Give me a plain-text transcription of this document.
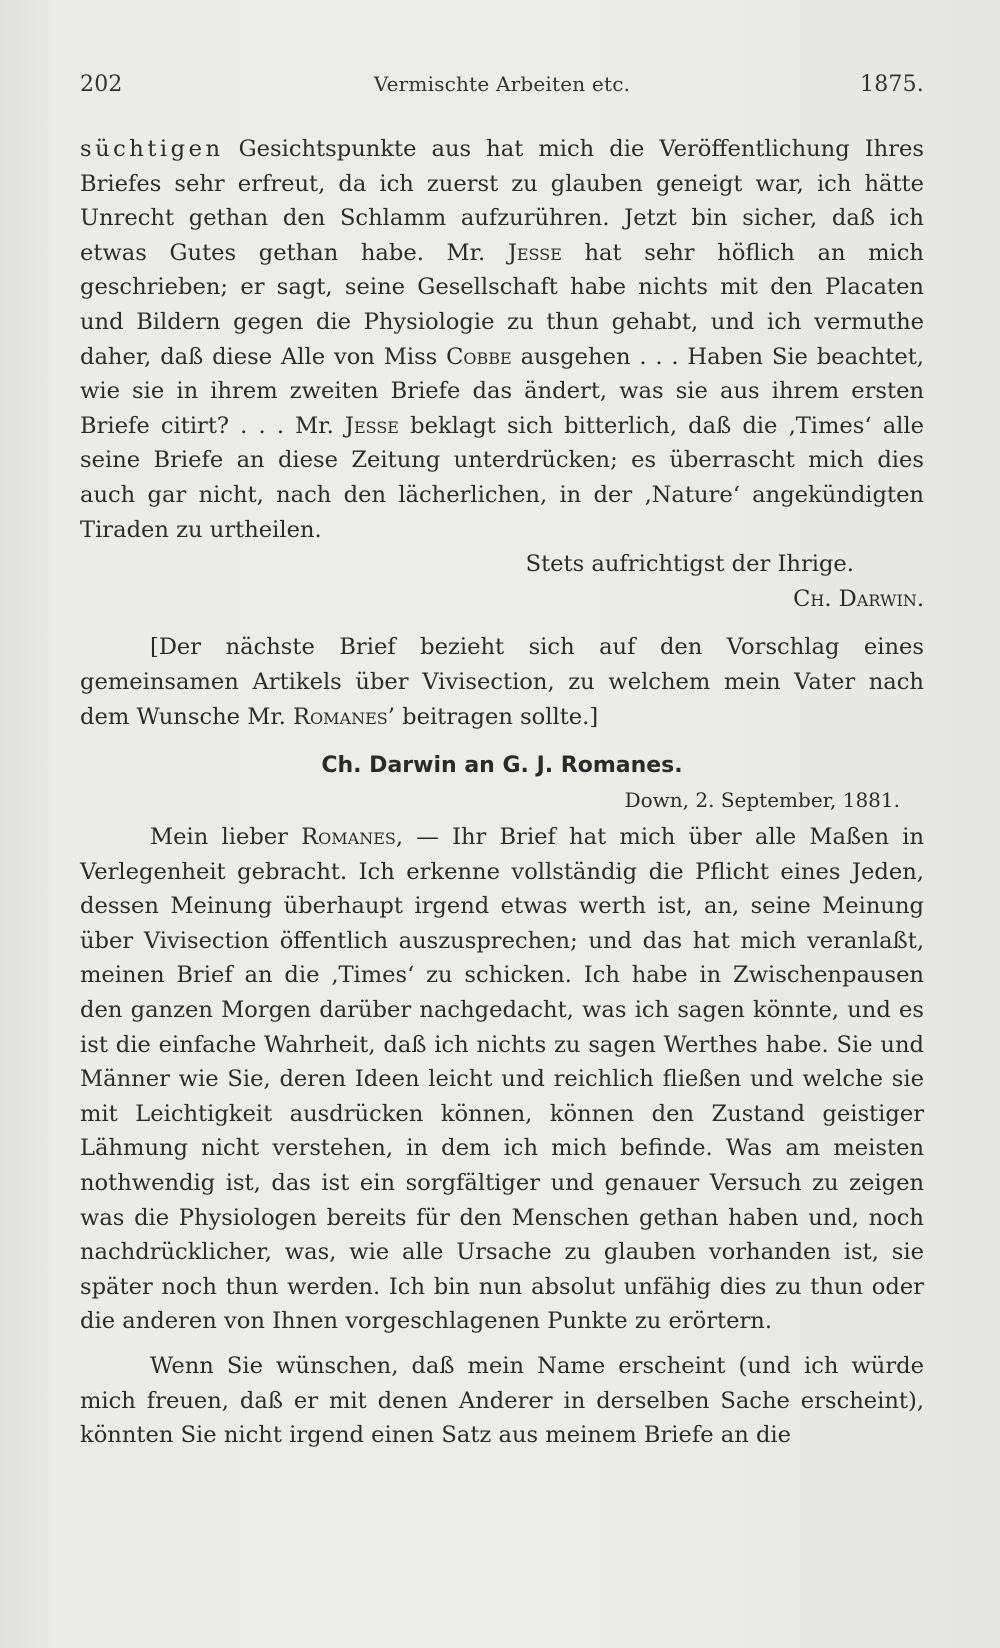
202	Vermischte Arbeiten etc.	1875.

süchtigen Gesichtspunkte aus hat mich die Veröffentlichung Ihres Briefes sehr erfreut, da ich zuerst zu glauben geneigt war, ich hätte Unrecht gethan den Schlamm aufzurühren. Jetzt bin sicher, daß ich etwas Gutes gethan habe. Mr. Jesse hat sehr höflich an mich geschrieben; er sagt, seine Gesellschaft habe nichts mit den Placaten und Bildern gegen die Physiologie zu thun gehabt, und ich vermuthe daher, daß diese Alle von Miss Cobbe ausgehen . . . Haben Sie beachtet, wie sie in ihrem zweiten Briefe das ändert, was sie aus ihrem ersten Briefe citirt? . . . Mr. Jesse beklagt sich bitterlich, daß die ‚Times‘ alle seine Briefe an diese Zeitung unterdrücken; es überrascht mich dies auch gar nicht, nach den lächerlichen, in der ‚Nature‘ angekündigten Tiraden zu urtheilen.

Stets aufrichtigst der Ihrige.

Ch. Darwin.

[Der nächste Brief bezieht sich auf den Vorschlag eines gemeinsamen Artikels über Vivisection, zu welchem mein Vater nach dem Wunsche Mr. Romanes’ beitragen sollte.]

Ch. Darwin an G. J. Romanes.
Down, 2. September, 1881.

Mein lieber Romanes, — Ihr Brief hat mich über alle Maßen in Verlegenheit gebracht. Ich erkenne vollständig die Pflicht eines Jeden, dessen Meinung überhaupt irgend etwas werth ist, an, seine Meinung über Vivisection öffentlich auszusprechen; und das hat mich veranlaßt, meinen Brief an die ‚Times‘ zu schicken. Ich habe in Zwischenpausen den ganzen Morgen darüber nachgedacht, was ich sagen könnte, und es ist die einfache Wahrheit, daß ich nichts zu sagen Werthes habe. Sie und Männer wie Sie, deren Ideen leicht und reichlich fließen und welche sie mit Leichtigkeit ausdrücken können, können den Zustand geistiger Lähmung nicht verstehen, in dem ich mich befinde. Was am meisten nothwendig ist, das ist ein sorgfältiger und genauer Versuch zu zeigen was die Physiologen bereits für den Menschen gethan haben und, noch nachdrücklicher, was, wie alle Ursache zu glauben vorhanden ist, sie später noch thun werden. Ich bin nun absolut unfähig dies zu thun oder die anderen von Ihnen vorgeschlagenen Punkte zu erörtern.

Wenn Sie wünschen, daß mein Name erscheint (und ich würde mich freuen, daß er mit denen Anderer in derselben Sache erscheint), könnten Sie nicht irgend einen Satz aus meinem Briefe an die
